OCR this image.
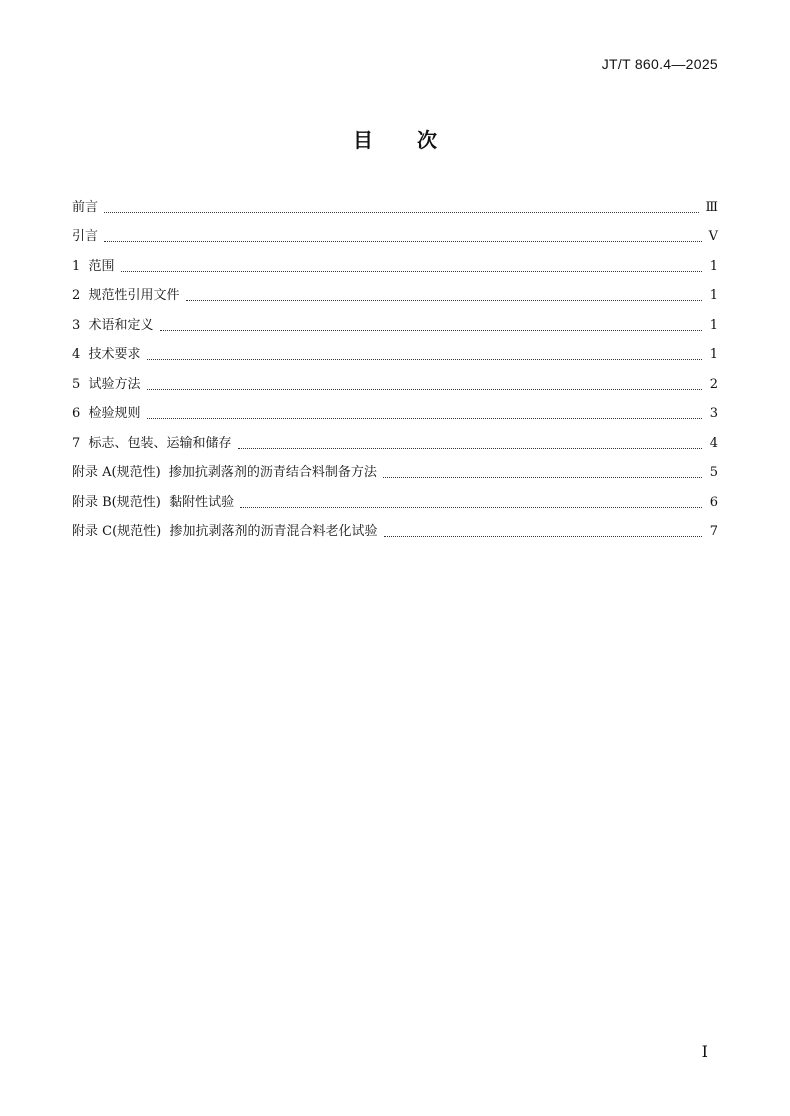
JT/T 860.4—2025
目 次
前言	Ⅲ
引言	Ⅴ
1  范围	1
2  规范性引用文件	1
3  术语和定义	1
4  技术要求	1
5  试验方法	2
6  检验规则	3
7  标志、包装、运输和储存	4
附录 A(规范性)  掺加抗剥落剂的沥青结合料制备方法	5
附录 B(规范性)  黏附性试验	6
附录 C(规范性)  掺加抗剥落剂的沥青混合料老化试验	7
Ⅰ
